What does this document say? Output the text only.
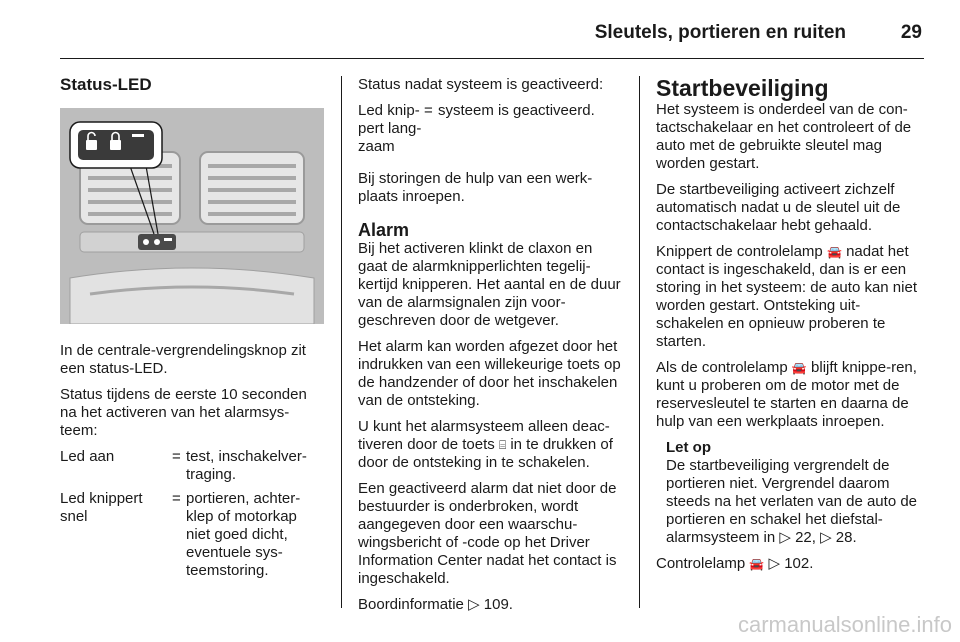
Sleutels, portieren en ruiten	29
Status-LED

In de centrale-vergrendelingsknop zit een status-LED.

Status tijdens de eerste 10 seconden na het activeren van het alarmsys-teem:

Led aan	=	test, inschakelver-traging.
Led knippert snel	=	portieren, achter-klep of motorkap niet goed dicht, eventuele sys-teemstoring.

Status nadat systeem is geactiveerd:

Led knip-pert lang-zaam	=	systeem is geactiveerd.

Bij storingen de hulp van een werk-plaats inroepen.

Alarm

Bij het activeren klinkt de claxon en gaat de alarmknipperlichten tegelij-kertijd knipperen. Het aantal en de duur van de alarmsignalen zijn voor-geschreven door de wetgever.

Het alarm kan worden afgezet door het indrukken van een willekeurige toets op de handzender of door het inschakelen van de ontsteking.

U kunt het alarmsysteem alleen deac-tiveren door de toets ⌸ in te drukken of door de ontsteking in te schakelen.

Een geactiveerd alarm dat niet door de bestuurder is onderbroken, wordt aangegeven door een waarschu-wingsbericht of -code op het Driver Information Center nadat het contact is ingeschakeld.

Boordinformatie ▷ 109.

Startbeveiliging

Het systeem is onderdeel van de con-tactschakelaar en het controleert of de auto met de gebruikte sleutel mag worden gestart.

De startbeveiliging activeert zichzelf automatisch nadat u de sleutel uit de contactschakelaar hebt gehaald.

Knippert de controlelamp 🚘 nadat het contact is ingeschakeld, dan is er een storing in het systeem: de auto kan niet worden gestart. Ontsteking uit-schakelen en opnieuw proberen te starten.

Als de controlelamp 🚘 blijft knippe-ren, kunt u proberen om de motor met de reservesleutel te starten en daarna de hulp van een werkplaats inroepen.

Let op
De startbeveiliging vergrendelt de portieren niet. Vergrendel daarom steeds na het verlaten van de auto de portieren en schakel het diefstal-alarmsysteem in ▷ 22, ▷ 28.

Controlelamp 🚘 ▷ 102.

carmanualsonline.info
